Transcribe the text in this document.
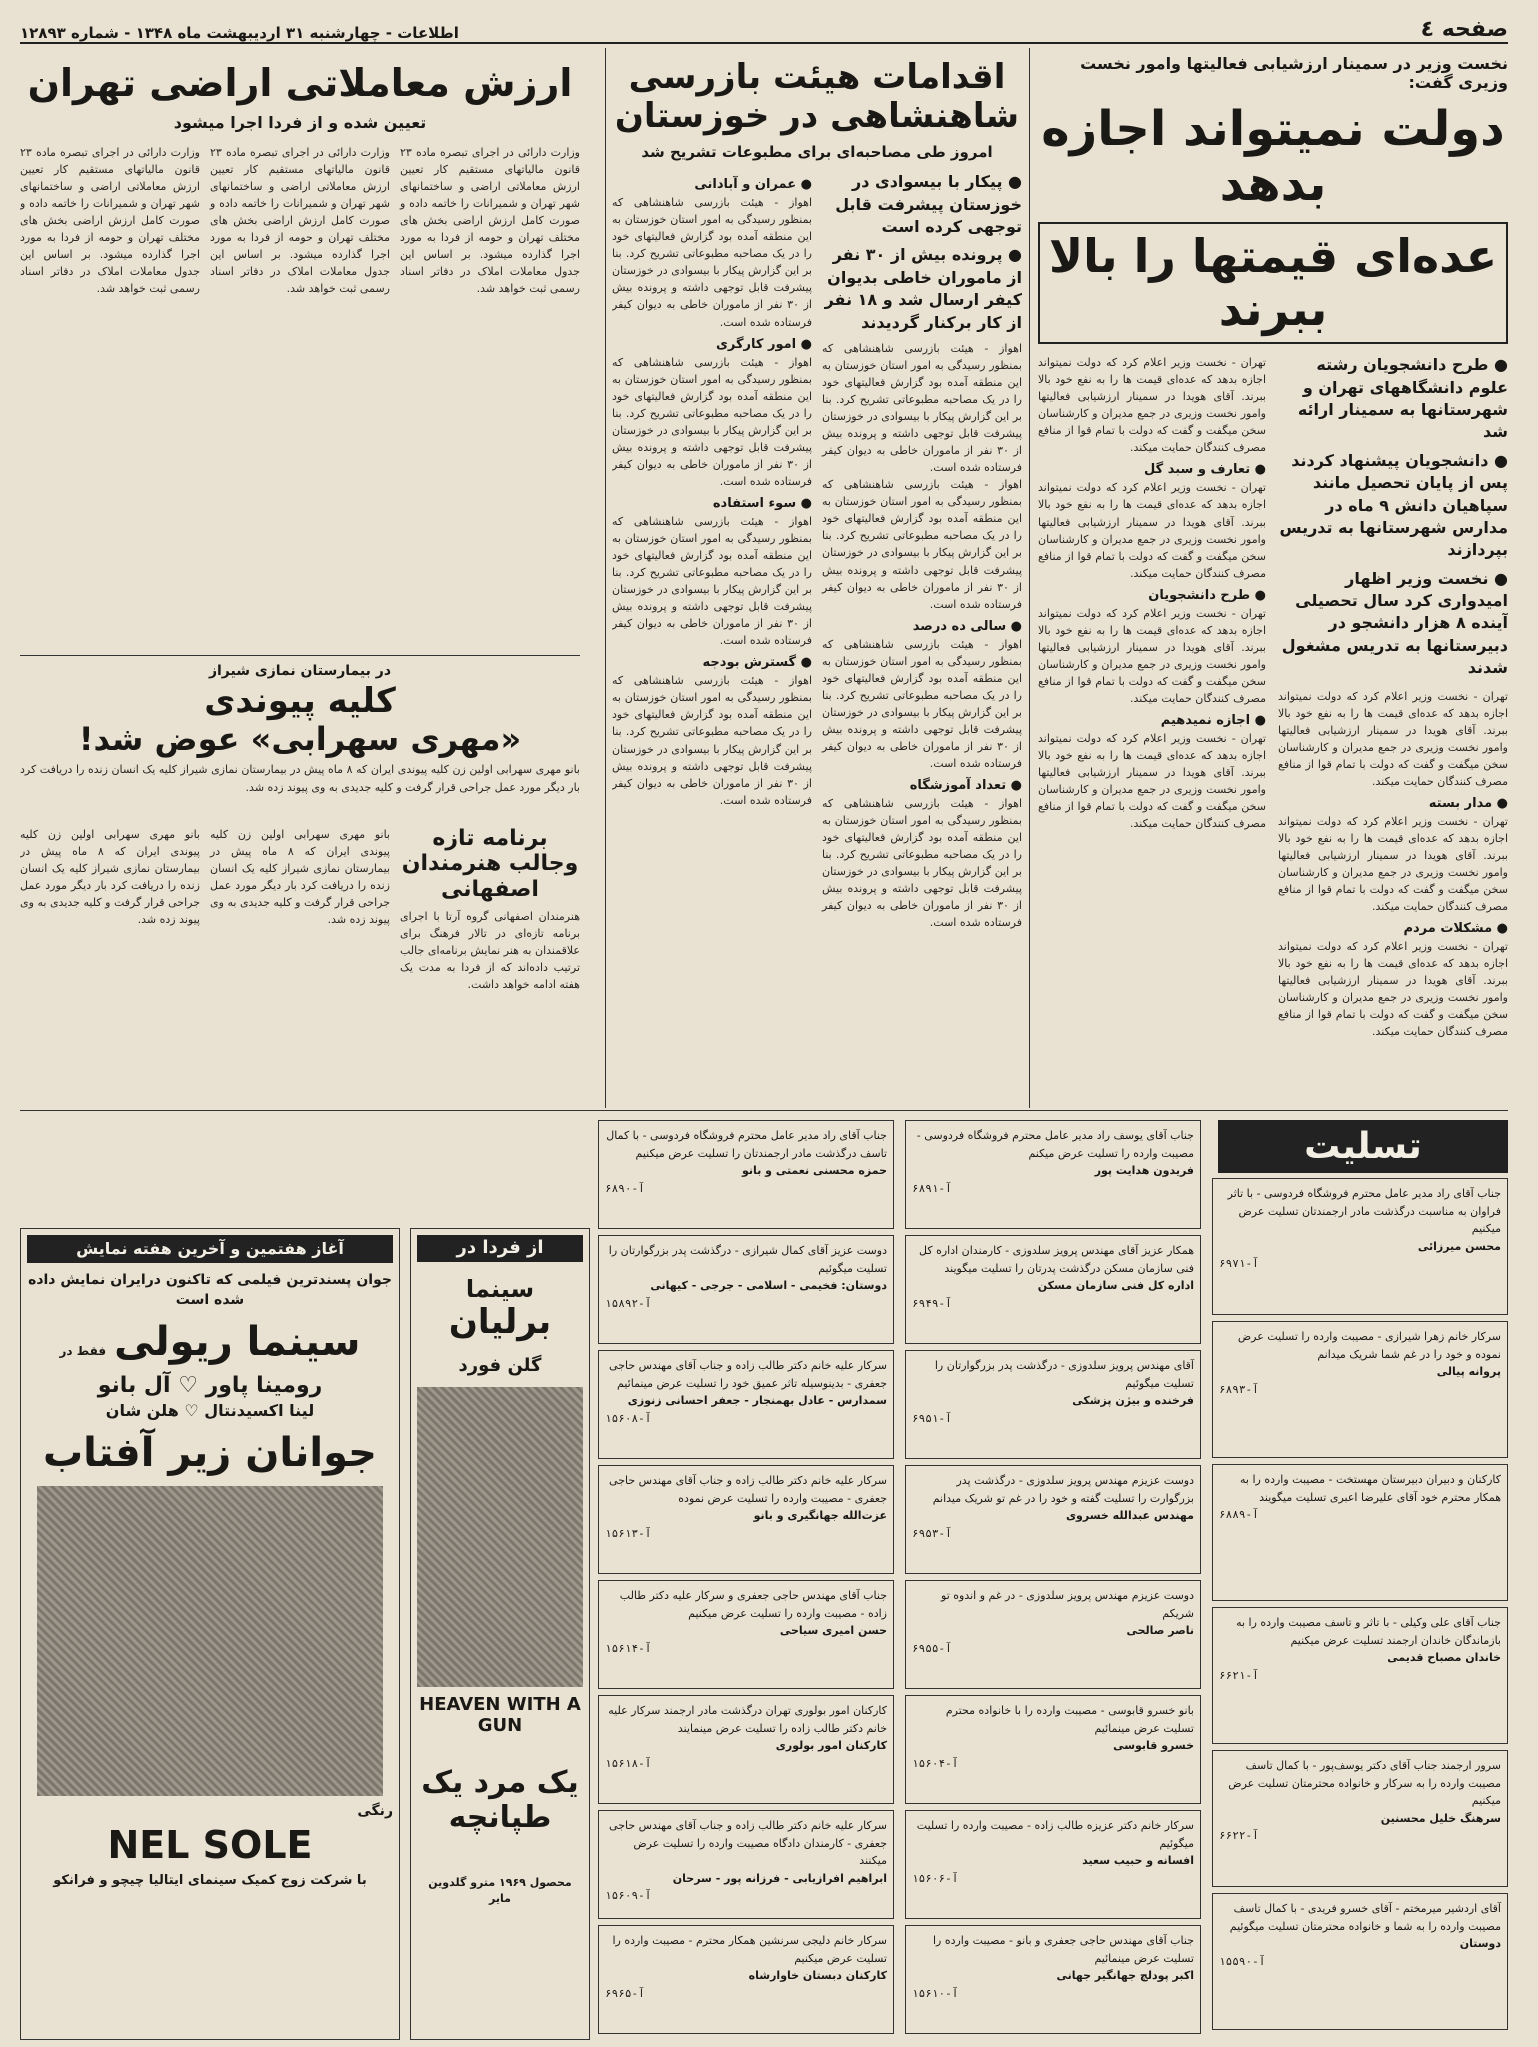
صفحه ٤
اطلاعات - چهارشنبه ۳۱ اردیبهشت ماه ۱۳۴۸ - شماره ۱۲۸۹۳
نخست وزیر در سمینار ارزشیابی فعالیتها وامور نخست وزیری گفت:
دولت نمیتواند اجازه بدهد
عده‌ای قیمتها را بالا ببرند
● طرح دانشجویان رشته علوم دانشگاههای تهران و شهرستانها به سمینار ارائه شد
● دانشجویان پیشنهاد کردند پس از پایان تحصیل مانند سپاهیان دانش ۹ ماه در مدارس شهرستانها به تدریس بپردازند
● نخست وزیر اظهار امیدواری کرد سال تحصیلی آینده ۸ هزار دانشجو در دبیرستانها به تدریس مشغول شدند
تهران - نخست وزیر اعلام کرد که دولت نمیتواند اجازه بدهد که عده‌ای قیمت ها را به نفع خود بالا ببرند. آقای هویدا در سمینار ارزشیابی فعالیتها وامور نخست وزیری در جمع مدیران و کارشناسان سخن میگفت و گفت که دولت با تمام قوا از منافع مصرف کنندگان حمایت میکند.
● مدار بسته
تهران - نخست وزیر اعلام کرد که دولت نمیتواند اجازه بدهد که عده‌ای قیمت ها را به نفع خود بالا ببرند. آقای هویدا در سمینار ارزشیابی فعالیتها وامور نخست وزیری در جمع مدیران و کارشناسان سخن میگفت و گفت که دولت با تمام قوا از منافع مصرف کنندگان حمایت میکند.
● مشکلات مردم
تهران - نخست وزیر اعلام کرد که دولت نمیتواند اجازه بدهد که عده‌ای قیمت ها را به نفع خود بالا ببرند. آقای هویدا در سمینار ارزشیابی فعالیتها وامور نخست وزیری در جمع مدیران و کارشناسان سخن میگفت و گفت که دولت با تمام قوا از منافع مصرف کنندگان حمایت میکند.
تهران - نخست وزیر اعلام کرد که دولت نمیتواند اجازه بدهد که عده‌ای قیمت ها را به نفع خود بالا ببرند. آقای هویدا در سمینار ارزشیابی فعالیتها وامور نخست وزیری در جمع مدیران و کارشناسان سخن میگفت و گفت که دولت با تمام قوا از منافع مصرف کنندگان حمایت میکند.
● تعارف و سبد گل
تهران - نخست وزیر اعلام کرد که دولت نمیتواند اجازه بدهد که عده‌ای قیمت ها را به نفع خود بالا ببرند. آقای هویدا در سمینار ارزشیابی فعالیتها وامور نخست وزیری در جمع مدیران و کارشناسان سخن میگفت و گفت که دولت با تمام قوا از منافع مصرف کنندگان حمایت میکند.
● طرح دانشجویان
تهران - نخست وزیر اعلام کرد که دولت نمیتواند اجازه بدهد که عده‌ای قیمت ها را به نفع خود بالا ببرند. آقای هویدا در سمینار ارزشیابی فعالیتها وامور نخست وزیری در جمع مدیران و کارشناسان سخن میگفت و گفت که دولت با تمام قوا از منافع مصرف کنندگان حمایت میکند.
● اجازه نمیدهیم
تهران - نخست وزیر اعلام کرد که دولت نمیتواند اجازه بدهد که عده‌ای قیمت ها را به نفع خود بالا ببرند. آقای هویدا در سمینار ارزشیابی فعالیتها وامور نخست وزیری در جمع مدیران و کارشناسان سخن میگفت و گفت که دولت با تمام قوا از منافع مصرف کنندگان حمایت میکند.
اقدامات هیئت بازرسی شاهنشاهی در خوزستان
امروز طی مصاحبه‌ای برای مطبوعات تشریح شد
● پیکار با بیسوادی در خوزستان پیشرفت قابل توجهی کرده است
● پرونده بیش از ۳۰ نفر از ماموران خاطی بدیوان کیفر ارسال شد و ۱۸ نفر از کار برکنار گردیدند
اهواز - هیئت بازرسی شاهنشاهی که بمنظور رسیدگی به امور استان خوزستان به این منطقه آمده بود گزارش فعالیتهای خود را در یک مصاحبه مطبوعاتی تشریح کرد. بنا بر این گزارش پیکار با بیسوادی در خوزستان پیشرفت قابل توجهی داشته و پرونده بیش از ۳۰ نفر از ماموران خاطی به دیوان کیفر فرستاده شده است.
اهواز - هیئت بازرسی شاهنشاهی که بمنظور رسیدگی به امور استان خوزستان به این منطقه آمده بود گزارش فعالیتهای خود را در یک مصاحبه مطبوعاتی تشریح کرد. بنا بر این گزارش پیکار با بیسوادی در خوزستان پیشرفت قابل توجهی داشته و پرونده بیش از ۳۰ نفر از ماموران خاطی به دیوان کیفر فرستاده شده است.
● سالی ده درصد
اهواز - هیئت بازرسی شاهنشاهی که بمنظور رسیدگی به امور استان خوزستان به این منطقه آمده بود گزارش فعالیتهای خود را در یک مصاحبه مطبوعاتی تشریح کرد. بنا بر این گزارش پیکار با بیسوادی در خوزستان پیشرفت قابل توجهی داشته و پرونده بیش از ۳۰ نفر از ماموران خاطی به دیوان کیفر فرستاده شده است.
● تعداد آموزشگاه
اهواز - هیئت بازرسی شاهنشاهی که بمنظور رسیدگی به امور استان خوزستان به این منطقه آمده بود گزارش فعالیتهای خود را در یک مصاحبه مطبوعاتی تشریح کرد. بنا بر این گزارش پیکار با بیسوادی در خوزستان پیشرفت قابل توجهی داشته و پرونده بیش از ۳۰ نفر از ماموران خاطی به دیوان کیفر فرستاده شده است.
● عمران و آبادانی
اهواز - هیئت بازرسی شاهنشاهی که بمنظور رسیدگی به امور استان خوزستان به این منطقه آمده بود گزارش فعالیتهای خود را در یک مصاحبه مطبوعاتی تشریح کرد. بنا بر این گزارش پیکار با بیسوادی در خوزستان پیشرفت قابل توجهی داشته و پرونده بیش از ۳۰ نفر از ماموران خاطی به دیوان کیفر فرستاده شده است.
● امور کارگری
اهواز - هیئت بازرسی شاهنشاهی که بمنظور رسیدگی به امور استان خوزستان به این منطقه آمده بود گزارش فعالیتهای خود را در یک مصاحبه مطبوعاتی تشریح کرد. بنا بر این گزارش پیکار با بیسوادی در خوزستان پیشرفت قابل توجهی داشته و پرونده بیش از ۳۰ نفر از ماموران خاطی به دیوان کیفر فرستاده شده است.
● سوء استفاده
اهواز - هیئت بازرسی شاهنشاهی که بمنظور رسیدگی به امور استان خوزستان به این منطقه آمده بود گزارش فعالیتهای خود را در یک مصاحبه مطبوعاتی تشریح کرد. بنا بر این گزارش پیکار با بیسوادی در خوزستان پیشرفت قابل توجهی داشته و پرونده بیش از ۳۰ نفر از ماموران خاطی به دیوان کیفر فرستاده شده است.
● گسترش بودجه
اهواز - هیئت بازرسی شاهنشاهی که بمنظور رسیدگی به امور استان خوزستان به این منطقه آمده بود گزارش فعالیتهای خود را در یک مصاحبه مطبوعاتی تشریح کرد. بنا بر این گزارش پیکار با بیسوادی در خوزستان پیشرفت قابل توجهی داشته و پرونده بیش از ۳۰ نفر از ماموران خاطی به دیوان کیفر فرستاده شده است.
ارزش معاملاتی اراضی تهران
تعیین شده و از فردا اجرا میشود
وزارت دارائی در اجرای تبصره ماده ۲۳ قانون مالیاتهای مستقیم کار تعیین ارزش معاملاتی اراضی و ساختمانهای شهر تهران و شمیرانات را خاتمه داده و صورت کامل ارزش اراضی بخش های مختلف تهران و حومه از فردا به مورد اجرا گذارده میشود. بر اساس این جدول معاملات املاک در دفاتر اسناد رسمی ثبت خواهد شد.
وزارت دارائی در اجرای تبصره ماده ۲۳ قانون مالیاتهای مستقیم کار تعیین ارزش معاملاتی اراضی و ساختمانهای شهر تهران و شمیرانات را خاتمه داده و صورت کامل ارزش اراضی بخش های مختلف تهران و حومه از فردا به مورد اجرا گذارده میشود. بر اساس این جدول معاملات املاک در دفاتر اسناد رسمی ثبت خواهد شد.
وزارت دارائی در اجرای تبصره ماده ۲۳ قانون مالیاتهای مستقیم کار تعیین ارزش معاملاتی اراضی و ساختمانهای شهر تهران و شمیرانات را خاتمه داده و صورت کامل ارزش اراضی بخش های مختلف تهران و حومه از فردا به مورد اجرا گذارده میشود. بر اساس این جدول معاملات املاک در دفاتر اسناد رسمی ثبت خواهد شد.
در بیمارستان نمازی شیراز
کلیه پیوندی
«مهری سهرابی» عوض شد!
بانو مهری سهرابی اولین زن کلیه پیوندی ایران که ۸ ماه پیش در بیمارستان نمازی شیراز کلیه یک انسان زنده را دریافت کرد بار دیگر مورد عمل جراحی قرار گرفت و کلیه جدیدی به وی پیوند زده شد.
برنامه تازه وجالب هنرمندان اصفهانی
هنرمندان اصفهانی گروه آرتا با اجرای برنامه تازه‌ای در تالار فرهنگ برای علاقمندان به هنر نمایش برنامه‌ای جالب ترتیب داده‌اند که از فردا به مدت یک هفته ادامه خواهد داشت.
بانو مهری سهرابی اولین زن کلیه پیوندی ایران که ۸ ماه پیش در بیمارستان نمازی شیراز کلیه یک انسان زنده را دریافت کرد بار دیگر مورد عمل جراحی قرار گرفت و کلیه جدیدی به وی پیوند زده شد.
بانو مهری سهرابی اولین زن کلیه پیوندی ایران که ۸ ماه پیش در بیمارستان نمازی شیراز کلیه یک انسان زنده را دریافت کرد بار دیگر مورد عمل جراحی قرار گرفت و کلیه جدیدی به وی پیوند زده شد.
آغاز هفتمین و آخرین هفته نمایش
جوان پسندترین فیلمی که تاکنون درایران نمایش داده شده است
سینما ریولی
فقط در
رومینا پاور ♡ آل بانو
لینا اکسیدنتال ♡ هلن شان
جوانان زیر آفتاب
رنگی
NEL SOLE
با شرکت زوج کمیک سینمای ایتالیا چیچو و فرانکو
از فردا در
سینما
برلیان
گلن فورد
HEAVEN WITH A GUN
یک مرد یک طپانچه
محصول ۱۹۶۹ مترو گلدوین مایر
تسلیت
جناب آقای راد مدیر عامل محترم فروشگاه فردوسی - با تاثر فراوان به مناسبت درگذشت مادر ارجمندتان تسلیت عرض میکنیم
محسن میرزائی
آ-۶۹۷۱
سرکار خانم زهرا شیرازی - مصیبت وارده را تسلیت عرض نموده و خود را در غم شما شریک میدانم
پروانه پیالی
آ-۶۸۹۳
کارکنان و دبیران دبیرستان مهستخت - مصیبت وارده را به همکار محترم خود آقای علیرضا اعبری تسلیت میگویند
آ-۶۸۸۹
جناب آقای علی وکیلی - با تاثر و تاسف مصیبت وارده را به بازماندگان خاندان ارجمند تسلیت عرض میکنیم
خاندان مصباح قدیمی
آ-۶۶۲۱
سرور ارجمند جناب آقای دکتر یوسف‌پور - با کمال تاسف مصیبت وارده را به سرکار و خانواده محترمتان تسلیت عرض میکنیم
سرهنگ خلیل محسنین
آ-۶۶۲۲
آقای اردشیر میرمختم - آقای خسرو فریدی - با کمال تاسف مصیبت وارده را به شما و خانواده محترمتان تسلیت میگوئیم
دوستان
آ-۱۵۵۹۰
جناب آقای یوسف راد مدیر عامل محترم فروشگاه فردوسی - مصیبت وارده را تسلیت عرض میکنم
فریدون هدایت پور
آ-۶۸۹۱
همکار عزیز آقای مهندس پرویز سلدوزی - کارمندان اداره کل فنی سازمان مسکن درگذشت پدرتان را تسلیت میگویند
اداره کل فنی سازمان مسکن
آ-۶۹۴۹
آقای مهندس پرویز سلدوزی - درگذشت پدر بزرگوارتان را تسلیت میگوئیم
فرخنده و بیژن پزشکی
آ-۶۹۵۱
دوست عزیزم مهندس پرویز سلدوزی - درگذشت پدر بزرگوارت را تسلیت گفته و خود را در غم تو شریک میدانم
مهندس عبدالله خسروی
آ-۶۹۵۳
دوست عزیزم مهندس پرویز سلدوزی - در غم و اندوه تو شریکم
ناصر صالحی
آ-۶۹۵۵
بانو خسرو قابوسی - مصیبت وارده را با خانواده محترم تسلیت عرض مینمائیم
خسرو قابوسی
آ-۱۵۶۰۴
سرکار خانم دکتر عزیزه طالب زاده - مصیبت وارده را تسلیت میگوئیم
افسانه و حبیب سعید
آ-۱۵۶۰۶
جناب آقای مهندس حاجی جعفری و بانو - مصیبت وارده را تسلیت عرض مینمائیم
اکبر پودلچ جهانگیر جهانی
آ-۱۵۶۱۰
جناب آقای راد مدیر عامل محترم فروشگاه فردوسی - با کمال تاسف درگذشت مادر ارجمندتان را تسلیت عرض میکنیم
حمزه محسنی نعمتی و بانو
آ-۶۸۹۰
دوست عزیز آقای کمال شیرازی - درگذشت پدر بزرگوارتان را تسلیت میگوئیم
دوستان: فخیمی - اسلامی - جرجی - کیهانی
آ-۱۵۸۹۲
سرکار علیه خانم دکتر طالب زاده و جناب آقای مهندس حاجی جعفری - بدینوسیله تاثر عمیق خود را تسلیت عرض مینمائیم
سمدارس - عادل بهمنجار - جعفر احسانی زنوزی
آ-۱۵۶۰۸
سرکار علیه خانم دکتر طالب زاده و جناب آقای مهندس حاجی جعفری - مصیبت وارده را تسلیت عرض نموده
عزت‌الله جهانگیری و بانو
آ-۱۵۶۱۳
جناب آقای مهندس حاجی جعفری و سرکار علیه دکتر طالب زاده - مصیبت وارده را تسلیت عرض میکنیم
حسن امیری سیاحی
آ-۱۵۶۱۴
کارکنان امور بولوری تهران درگذشت مادر ارجمند سرکار علیه خانم دکتر طالب زاده را تسلیت عرض مینمایند
کارکنان امور بولوری
آ-۱۵۶۱۸
سرکار علیه خانم دکتر طالب زاده و جناب آقای مهندس حاجی جعفری - کارمندان دادگاه مصیبت وارده را تسلیت عرض میکنند
ابراهیم افرازیابی - فرزانه پور - سرحان
آ-۱۵۶۰۹
سرکار خانم دلیجی سرنشین همکار محترم - مصیبت وارده را تسلیت عرض میکنیم
کارکنان دبستان خاوارشاه
آ-۶۹۶۵
